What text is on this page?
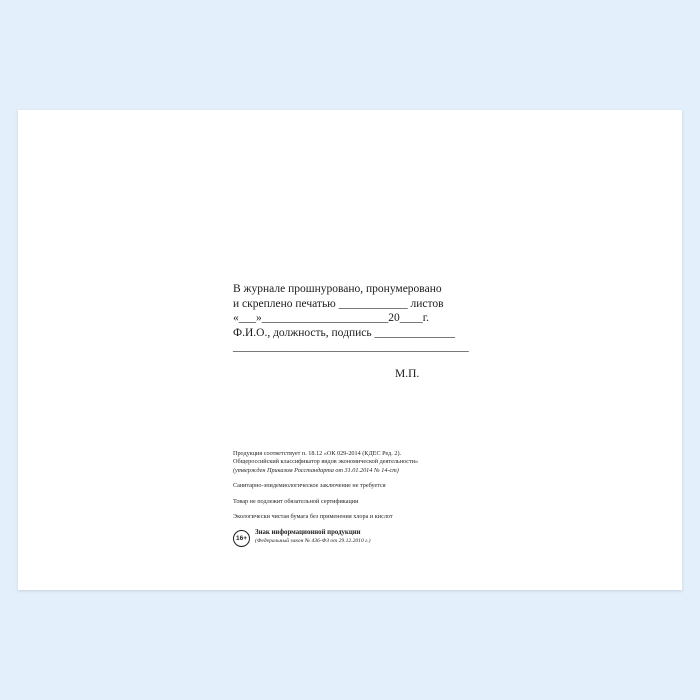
В журнале прошнуровано, пронумеровано
и скреплено печатью ____________ листов
«___»______________________20____г.
Ф.И.О., должность, подпись ______________
_________________________________________
М.П.
Продукция соответствует п. 18.12 «ОК 029-2014 (КДЕС Ред. 2).
Общероссийский классификатор видов экономической деятельности»
(утвержден Приказом Росстандарта от 31.01.2014 № 14-ст)
Санитарно-эпидемиологическое заключение не требуется
Товар не подлежит обязательной сертификации
Экологически чистая бумага без применения хлора и кислот
16+
Знак информационной продукции
(Федеральный закон № 436-ФЗ от 29.12.2010 г.)
